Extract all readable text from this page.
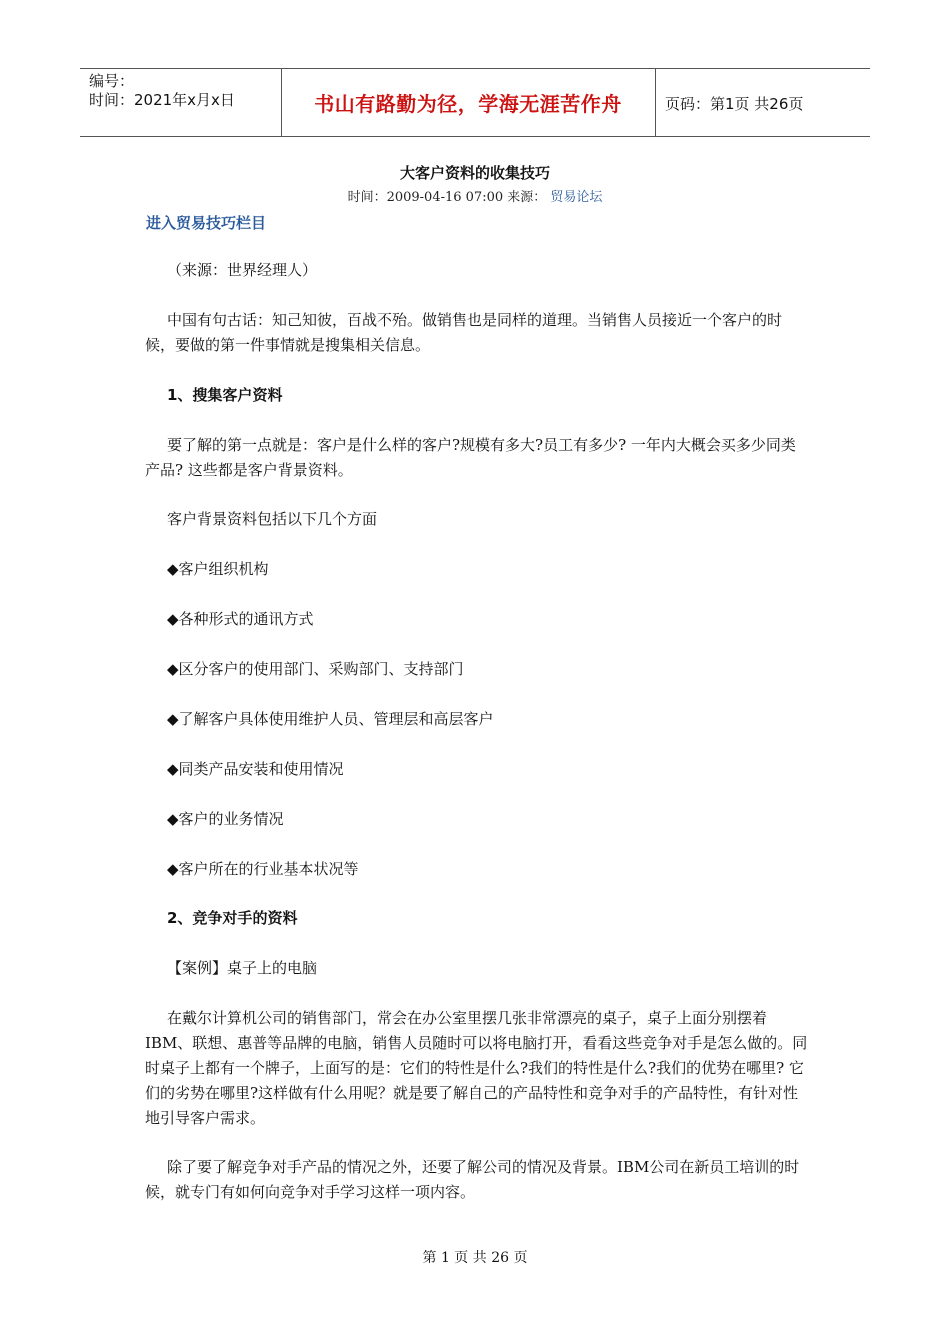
编号：
时间：2021年x月x日	书山有路勤为径，学海无涯苦作舟	页码：第1页 共26页
大客户资料的收集技巧
时间：2009-04-16 07:00 来源： 贸易论坛
进入贸易技巧栏目

（来源：世界经理人）

中国有句古话：知己知彼，百战不殆。做销售也是同样的道理。当销售人员接近一个客户的时候，要做的第一件事情就是搜集相关信息。

1、搜集客户资料

要了解的第一点就是：客户是什么样的客户?规模有多大?员工有多少? 一年内大概会买多少同类产品? 这些都是客户背景资料。

客户背景资料包括以下几个方面

◆客户组织机构

◆各种形式的通讯方式

◆区分客户的使用部门、采购部门、支持部门

◆了解客户具体使用维护人员、管理层和高层客户

◆同类产品安装和使用情况

◆客户的业务情况

◆客户所在的行业基本状况等

2、竞争对手的资料

【案例】桌子上的电脑

在戴尔计算机公司的销售部门，常会在办公室里摆几张非常漂亮的桌子，桌子上面分别摆着IBM、联想、惠普等品牌的电脑，销售人员随时可以将电脑打开，看看这些竞争对手是怎么做的。同时桌子上都有一个牌子，上面写的是：它们的特性是什么?我们的特性是什么?我们的优势在哪里? 它们的劣势在哪里?这样做有什么用呢？就是要了解自己的产品特性和竞争对手的产品特性，有针对性地引导客户需求。

除了要了解竞争对手产品的情况之外，还要了解公司的情况及背景。IBM公司在新员工培训的时候，就专门有如何向竞争对手学习这样一项内容。

第 1 页 共 26 页
